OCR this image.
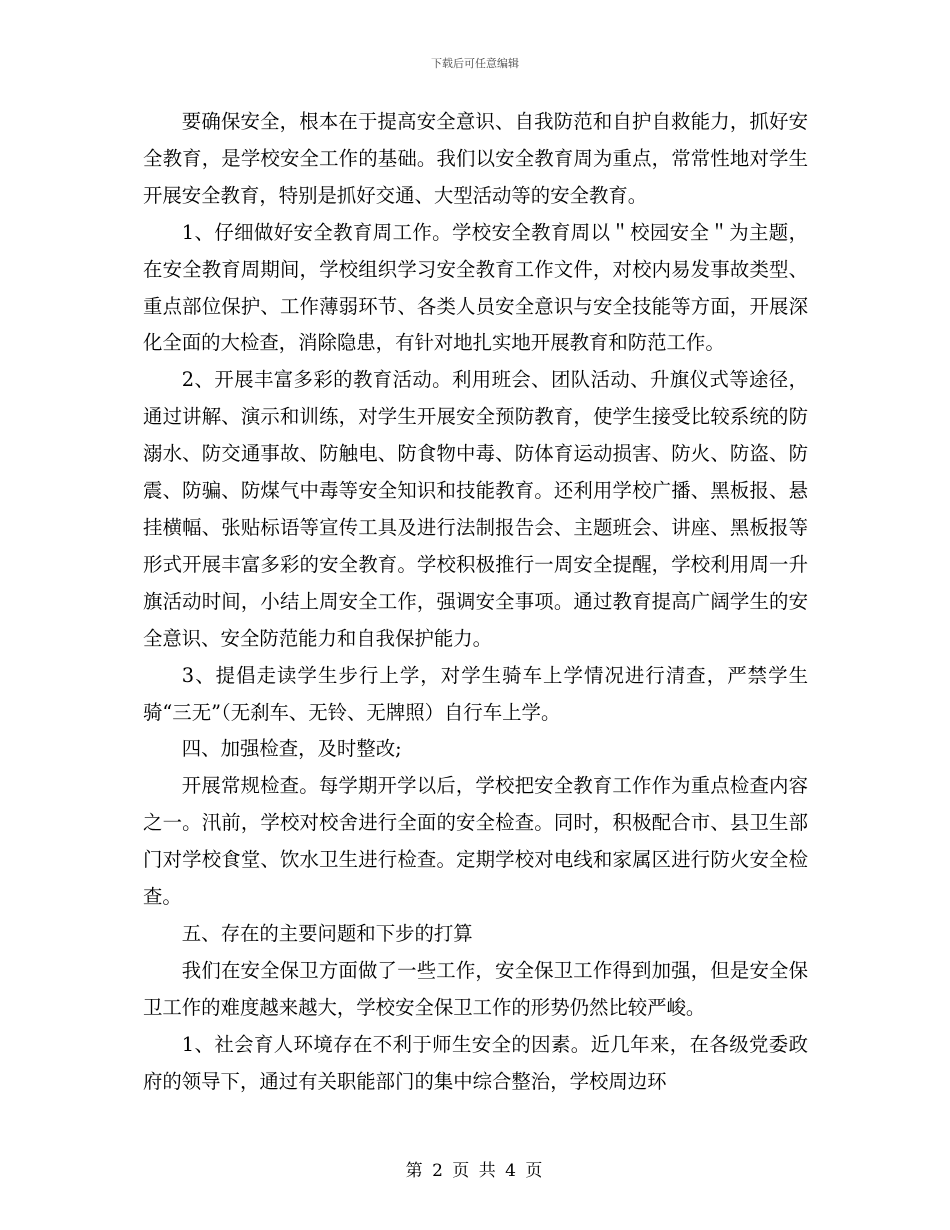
下载后可任意编辑

要确保安全，根本在于提高安全意识、自我防范和自护自救能力，抓好安全教育，是学校安全工作的基础。我们以安全教育周为重点，常常性地对学生开展安全教育，特别是抓好交通、大型活动等的安全教育。

1、仔细做好安全教育周工作。学校安全教育周以＂校园安全＂为主题，在安全教育周期间，学校组织学习安全教育工作文件，对校内易发事故类型、重点部位保护、工作薄弱环节、各类人员安全意识与安全技能等方面，开展深化全面的大检查，消除隐患，有针对地扎实地开展教育和防范工作。

2、开展丰富多彩的教育活动。利用班会、团队活动、升旗仪式等途径，通过讲解、演示和训练，对学生开展安全预防教育，使学生接受比较系统的防溺水、防交通事故、防触电、防食物中毒、防体育运动损害、防火、防盗、防震、防骗、防煤气中毒等安全知识和技能教育。还利用学校广播、黑板报、悬挂横幅、张贴标语等宣传工具及进行法制报告会、主题班会、讲座、黑板报等形式开展丰富多彩的安全教育。学校积极推行一周安全提醒，学校利用周一升旗活动时间，小结上周安全工作，强调安全事项。通过教育提高广阔学生的安全意识、安全防范能力和自我保护能力。

3、提倡走读学生步行上学，对学生骑车上学情况进行清查，严禁学生骑“三无”（无刹车、无铃、无牌照）自行车上学。

四、加强检查，及时整改;

开展常规检查。每学期开学以后，学校把安全教育工作作为重点检查内容之一。汛前，学校对校舍进行全面的安全检查。同时，积极配合市、县卫生部门对学校食堂、饮水卫生进行检查。定期学校对电线和家属区进行防火安全检查。

五、存在的主要问题和下步的打算

我们在安全保卫方面做了一些工作，安全保卫工作得到加强，但是安全保卫工作的难度越来越大，学校安全保卫工作的形势仍然比较严峻。

1、社会育人环境存在不利于师生安全的因素。近几年来，在各级党委政府的领导下，通过有关职能部门的集中综合整治，学校周边环

第 2 页 共 4 页
